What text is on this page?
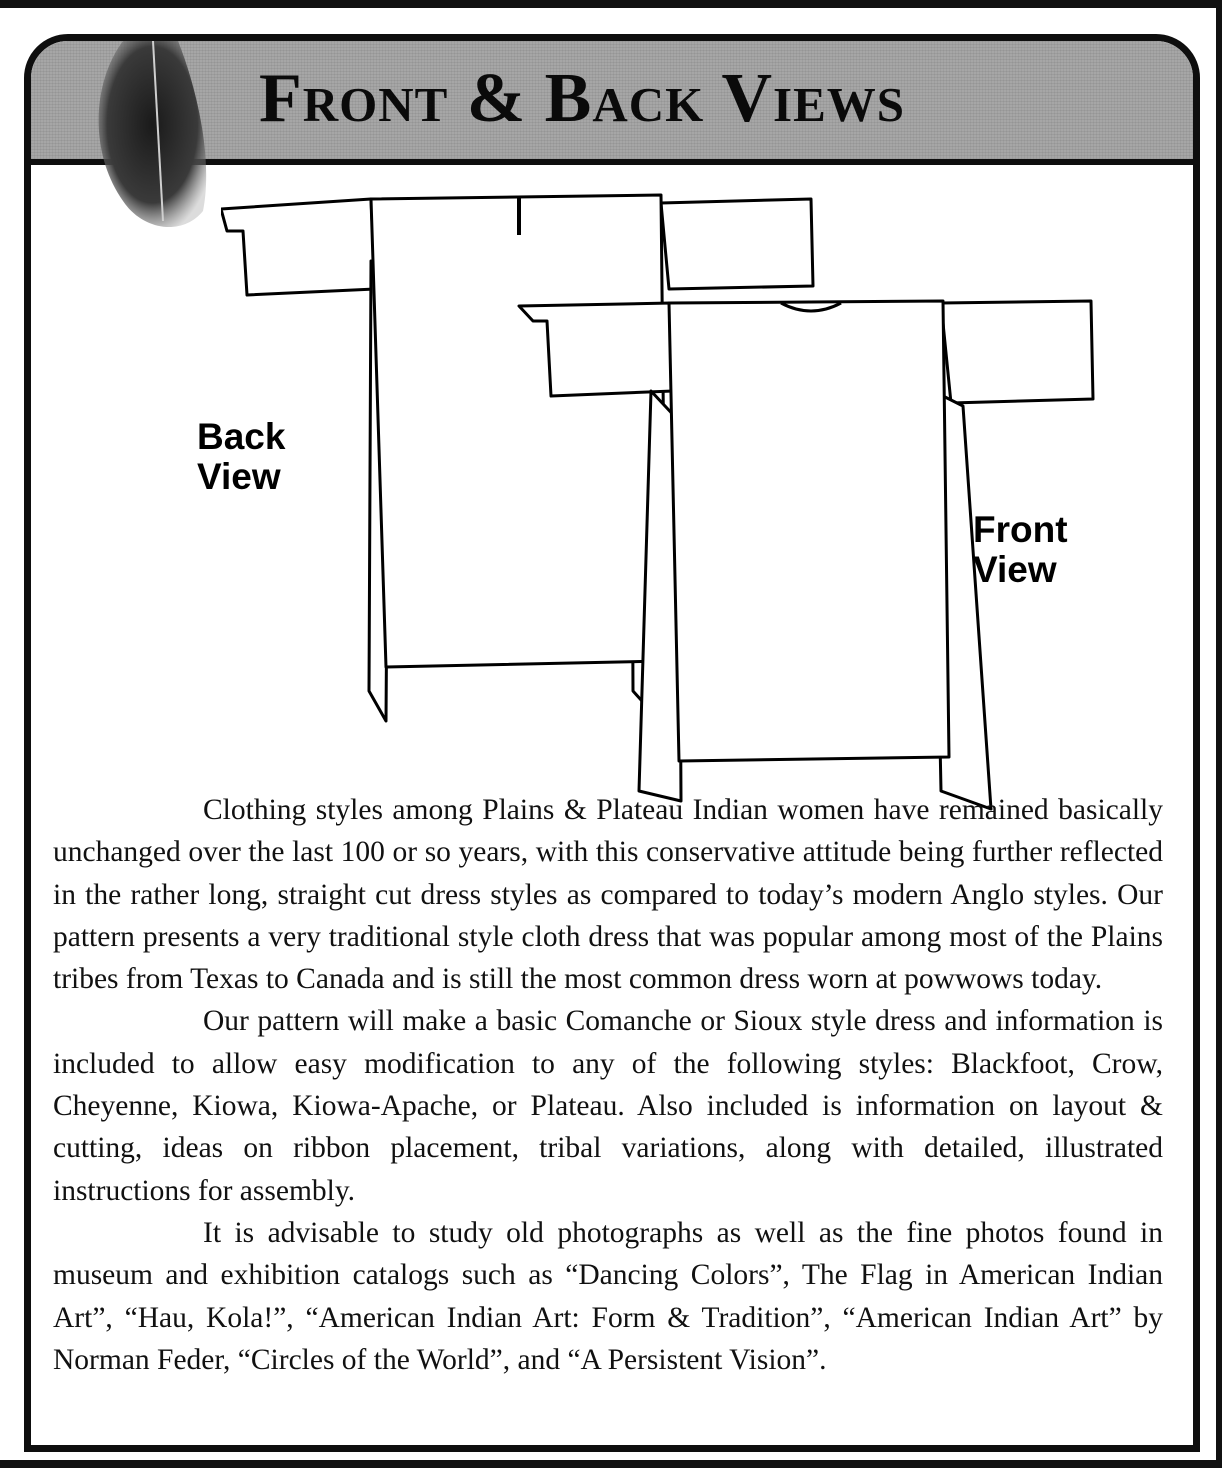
Front & Back Views
Back
View
Front
View

Clothing styles among Plains & Plateau Indian women have remained basically unchanged over the last 100 or so years, with this conservative attitude being further reflected in the rather long, straight cut dress styles as compared to today’s modern Anglo styles. Our pattern presents a very traditional style cloth dress that was popular among most of the Plains tribes from Texas to Canada and is still the most common dress worn at powwows today.

Our pattern will make a basic Comanche or Sioux style dress and information is included to allow easy modification to any of the following styles: Blackfoot, Crow, Cheyenne, Kiowa, Kiowa-Apache, or Plateau. Also included is information on layout & cutting, ideas on ribbon placement, tribal variations, along with detailed, illustrated instructions for assembly.

It is advisable to study old photographs as well as the fine photos found in museum and exhibition catalogs such as “Dancing Colors”, The Flag in American Indian Art”, “Hau, Kola!”, “American Indian Art: Form & Tradition”, “American Indian Art” by Norman Feder, “Circles of the World”, and “A Persistent Vision”.
